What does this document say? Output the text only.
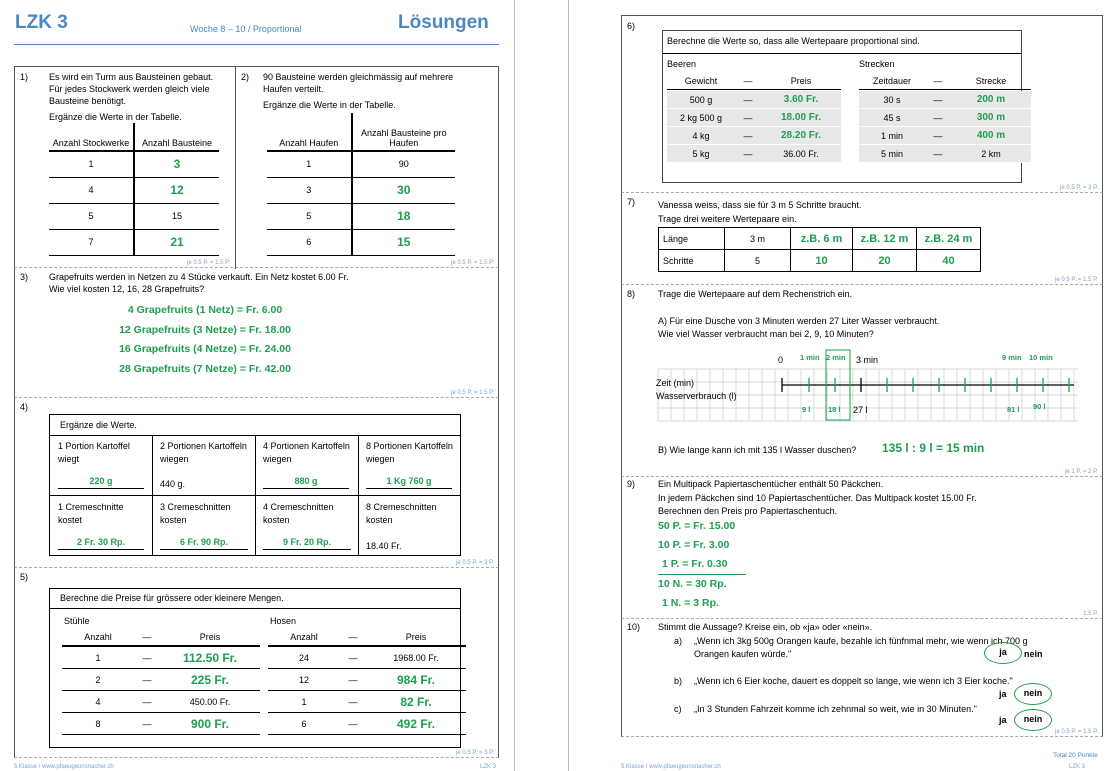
LZK 3	Woche 8 – 10 / Proportional	Lösungen
1) Es wird ein Turm aus Bausteinen gebaut.
Für jedes Stockwerk werden gleich viele
Bausteine benötigt.
Ergänze die Werte in der Tabelle.
Anzahl Stockwerke	Anzahl Bausteine
1	3
4	12
5	15
7	21
je 0.5 P. = 1.5 P.
2) 90 Bausteine werden gleichmässig auf mehrere
Haufen verteilt.
Ergänze die Werte in der Tabelle.
Anzahl Haufen	Anzahl Bausteine pro Haufen
1	90
3	30
5	18
6	15
je 0.5 P. = 1.5 P.
3) Grapefruits werden in Netzen zu 4 Stücke verkauft. Ein Netz kostet 6.00 Fr.
Wie viel kosten 12, 16, 28 Grapefruits?
4 Grapefruits (1 Netz) = Fr. 6.00
12 Grapefruits (3 Netze) = Fr. 18.00
16 Grapefruits (4 Netze) = Fr. 24.00
28 Grapefruits (7 Netze) = Fr. 42.00
je 0.5 P. = 1.5 P.
4)
Ergänze die Werte.
1 Portion Kartoffel wiegt
220 g
2 Portionen Kartoffeln wiegen
440 g.
4 Portionen Kartoffeln wiegen
880 g
8 Portionen Kartoffeln wiegen
1 Kg 760 g
1 Cremeschnitte kostet
2 Fr. 30 Rp.
3 Cremeschnitten kosten
6 Fr. 90 Rp.
4 Cremeschnitten kosten
9 Fr. 20 Rp.
8 Cremeschnitten kosten
18.40 Fr.
je 0.5 P. = 3 P.
5)
Berechne die Preise für grössere oder kleinere Mengen.
Stühle	Hosen
Anzahl	—	Preis
1	—	112.50 Fr.
2	—	225 Fr.
4	—	450.00 Fr.
8	—	900 Fr.
Anzahl	—	Preis
24	—	1968.00 Fr.
12	—	984 Fr.
1	—	82 Fr.
6	—	492 Fr.
je 0.5 P. = 3 P.
5.Klasse / www.pfaeugeunsnacher.ch	LZK 3
6)
Berechne die Werte so, dass alle Wertepaare proportional sind.
Beeren	Strecken
Gewicht	—	Preis
500 g	—	3.60 Fr.
2 kg 500 g	—	18.00 Fr.
4 kg	—	28.20 Fr.
5 kg	—	36.00 Fr.
Zeitdauer	—	Strecke
30 s	—	200 m
45 s	—	300 m
1 min	—	400 m
5 min	—	2 km
je 0.5 P. = 3 P.
7)	Vanessa weiss, dass sie für 3 m 5 Schritte braucht.
Trage drei weitere Wertepaare ein.
Länge	3 m	z.B. 6 m	z.B. 12 m	z.B. 24 m
Schritte	5	10	20	40
je 0.5 P. = 1.5 P.
8)	Trage die Wertepaare auf dem Rechenstrich ein.
A) Für eine Dusche von 3 Minuten werden 27 Liter Wasser verbraucht.
Wie viel Wasser verbraucht man bei 2, 9, 10 Minuten?
Zeit (min)
Wasserverbrauch (l)
0 1 min 2 min 3 min	9 min 10 min
9 l 18 l 27 l	81 l 90 l
B) Wie lange kann ich mit 135 l Wasser duschen? 135 l : 9 l = 15 min
je 1 P. = 2 P.
9)	Ein Multipack Papiertaschentücher enthält 50 Päckchen.
In jedem Päckchen sind 10 Papiertaschentücher. Das Multipack kostet 15.00 Fr.
Berechnen den Preis pro Papiertaschentuch.
50 P. = Fr. 15.00
10 P. = Fr. 3.00
1 P. = Fr. 0.30
10 N. = 30 Rp.
1 N. = 3 Rp.
1.5 P.
10) Stimmt die Aussage? Kreise ein, ob «ja» oder «nein».
a) „Wenn ich 3kg 500g Orangen kaufe, bezahle ich fünfnmal mehr, wie wenn ich 700 g
Orangen kaufen würde."	ja	nein
b) „Wenn ich 6 Eier koche, dauert es doppelt so lange, wie wenn ich 3 Eier koche."
ja	nein
c) „In 3 Stunden Fahrzeit komme ich zehnmal so weit, wie in 30 Minuten."
ja	nein
je 0.5 P. = 1.5 P.
Total 20 Punkte
5.Klasse / www.pfaeugeunsnacher.ch	LZK 3
